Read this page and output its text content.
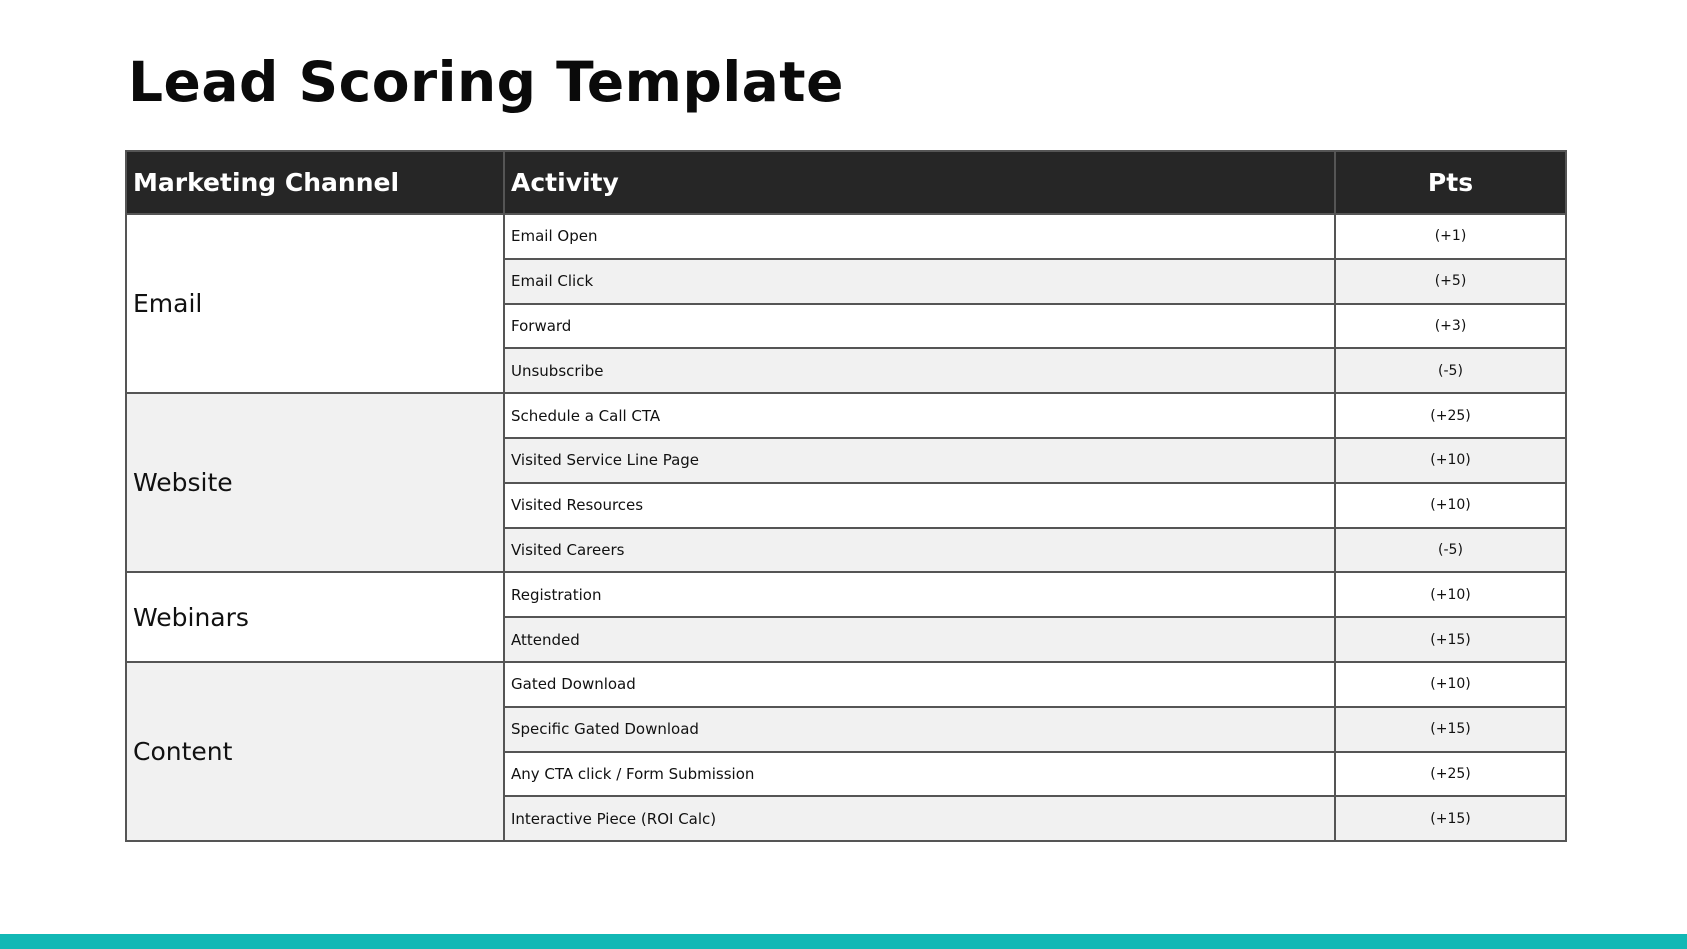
Lead Scoring Template
Marketing Channel	Activity	Pts
Email	Email Open	(+1)
	Email Click	(+5)
	Forward	(+3)
	Unsubscribe	(-5)
Website	Schedule a Call CTA	(+25)
	Visited Service Line Page	(+10)
	Visited Resources	(+10)
	Visited Careers	(-5)
Webinars	Registration	(+10)
	Attended	(+15)
Content	Gated Download	(+10)
	Specific Gated Download	(+15)
	Any CTA click / Form Submission	(+25)
	Interactive Piece (ROI Calc)	(+15)
